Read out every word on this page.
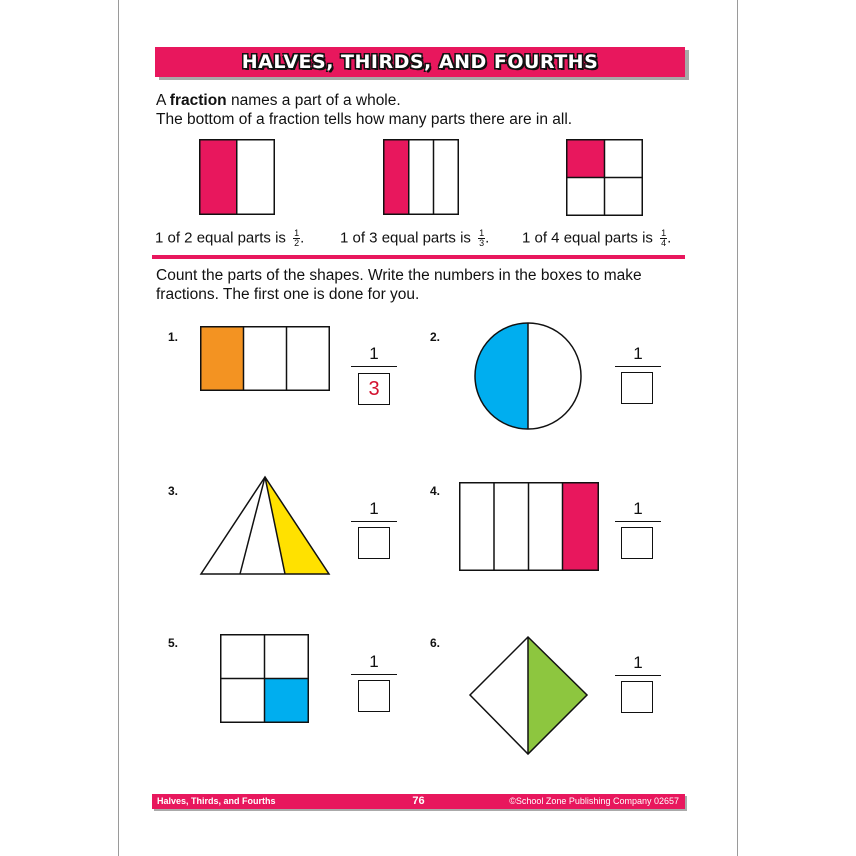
HALVES, THIRDS, AND FOURTHS
A fraction names a part of a whole.
The bottom of a fraction tells how many parts there are in all.
1 of 2 equal parts is $\frac{1}{2}$ . 1 of 3 equal parts is $\frac{1}{3}$ . 1 of 4 equal parts is $\frac{1}{4}$ .
Count the parts of the shapes. Write the numbers in the boxes to make fractions. The first one is done for you.
1.
1
3
2.
1
3.
1
4.
1
5.
1
6.
1
Halves, Thirds, and Fourths	76	©School Zone Publishing Company 02657
